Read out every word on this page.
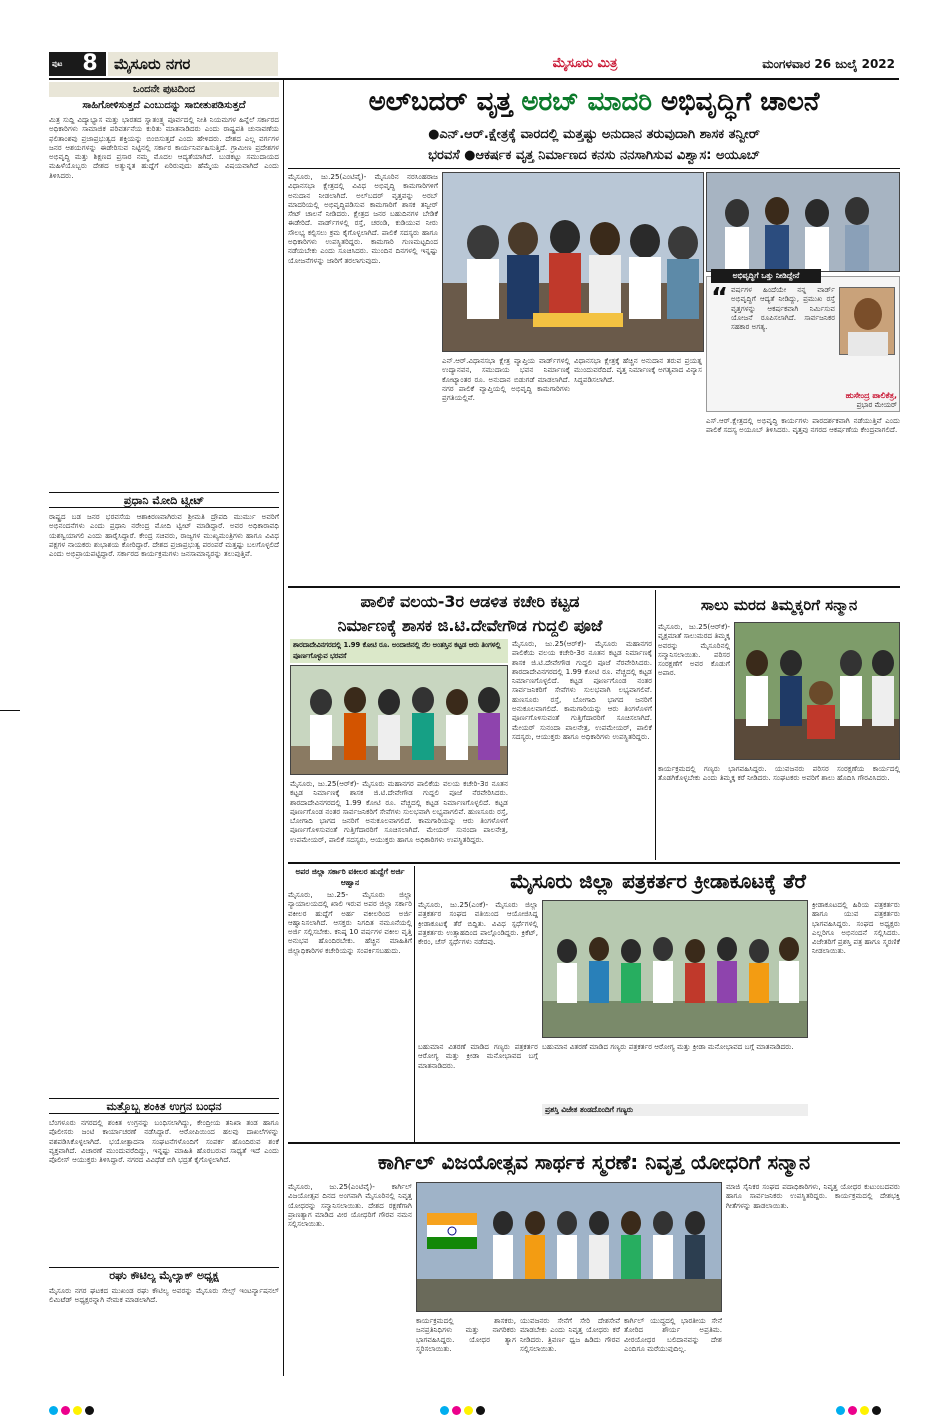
ಪುಟ 8	ಮೈಸೂರು ನಗರ	ಮೈಸೂರು ಮಿತ್ರ	ಮಂಗಳವಾರ 26 ಜುಲೈ 2022
ಒಂದನೇ ಪುಟದಿಂದ
ಸಾಹಿಗೋಳಿಸುತ್ತದೆ ಎಂಬುದನ್ನು ಸಾಬೀತುಪಡಿಸುತ್ತದೆ
ಮಿತ್ರ ಸುದ್ದಿ ವಿದ್ಯಾಭ್ಯಾಸ ಮತ್ತು ಭಾರತದ ಸ್ವಾತಂತ್ರ್ಯ ಪೂರ್ವದಲ್ಲಿ ನೀತಿ ನಿಯಮಗಳ ಹಿನ್ನೆಲೆ ಸರ್ಕಾರದ ಅಧಿಕಾರಿಗಳು ಸಾಮಾಜಿಕ ಪರಿವರ್ತನೆಯ ಕುರಿತು ಮಾತನಾಡಿದರು ಎಂದು ರಾಷ್ಟ್ರಪತಿ ಚುನಾವಣೆಯ ಫಲಿತಾಂಶವು ಪ್ರಜಾಪ್ರಭುತ್ವದ ಶಕ್ತಿಯನ್ನು ಬಿಂಬಿಸುತ್ತದೆ ಎಂದು ಹೇಳಿದರು. ದೇಶದ ಎಲ್ಲ ವರ್ಗಗಳ ಜನರ ಆಶಯಗಳನ್ನು ಈಡೇರಿಸುವ ನಿಟ್ಟಿನಲ್ಲಿ ಸರ್ಕಾರ ಕಾರ್ಯನಿರ್ವಹಿಸುತ್ತಿದೆ. ಗ್ರಾಮೀಣ ಪ್ರದೇಶಗಳ ಅಭಿವೃದ್ಧಿ ಮತ್ತು ಶಿಕ್ಷಣದ ಪ್ರಸಾರ ನಮ್ಮ ಮೊದಲ ಆದ್ಯತೆಯಾಗಿದೆ. ಬುಡಕಟ್ಟು ಸಮುದಾಯದ ಮಹಿಳೆಯೊಬ್ಬರು ದೇಶದ ಅತ್ಯುನ್ನತ ಹುದ್ದೆಗೆ ಏರಿರುವುದು ಹೆಮ್ಮೆಯ ವಿಷಯವಾಗಿದೆ ಎಂದು ತಿಳಿಸಿದರು.
ಪ್ರಧಾನಿ ಮೋದಿ ಟ್ವೀಟ್
ರಾಷ್ಟ್ರದ ಬಡ ಜನರ ಭರವಸೆಯ ಆಶಾಕಿರಣವಾಗಿರುವ ಶ್ರೀಮತಿ ದ್ರೌಪದಿ ಮುರ್ಮು ಅವರಿಗೆ ಅಭಿನಂದನೆಗಳು ಎಂದು ಪ್ರಧಾನಿ ನರೇಂದ್ರ ಮೋದಿ ಟ್ವೀಟ್ ಮಾಡಿದ್ದಾರೆ. ಅವರ ಅಧಿಕಾರಾವಧಿ ಯಶಸ್ವಿಯಾಗಲಿ ಎಂದು ಹಾರೈಸಿದ್ದಾರೆ. ಕೇಂದ್ರ ಸಚಿವರು, ರಾಜ್ಯಗಳ ಮುಖ್ಯಮಂತ್ರಿಗಳು ಹಾಗೂ ವಿವಿಧ ಪಕ್ಷಗಳ ನಾಯಕರು ಶುಭಾಶಯ ಕೋರಿದ್ದಾರೆ. ದೇಶದ ಪ್ರಜಾಪ್ರಭುತ್ವ ಪರಂಪರೆ ಮತ್ತಷ್ಟು ಬಲಗೊಳ್ಳಲಿದೆ ಎಂದು ಅಭಿಪ್ರಾಯಪಟ್ಟಿದ್ದಾರೆ. ಸರ್ಕಾರದ ಕಾರ್ಯಕ್ರಮಗಳು ಜನಸಾಮಾನ್ಯರನ್ನು ತಲುಪುತ್ತಿವೆ.
ಮತ್ತೊಬ್ಬ ಶಂಕಿತ ಉಗ್ರನ ಬಂಧನ
ಬೆಂಗಳೂರು ನಗರದಲ್ಲಿ ಶಂಕಿತ ಉಗ್ರನನ್ನು ಬಂಧಿಸಲಾಗಿದ್ದು, ಕೇಂದ್ರೀಯ ತನಿಖಾ ತಂಡ ಹಾಗೂ ಪೊಲೀಸರು ಜಂಟಿ ಕಾರ್ಯಾಚರಣೆ ನಡೆಸಿದ್ದಾರೆ. ಆರೋಪಿಯಿಂದ ಹಲವು ದಾಖಲೆಗಳನ್ನು ವಶಪಡಿಸಿಕೊಳ್ಳಲಾಗಿದೆ. ಭಯೋತ್ಪಾದನಾ ಸಂಘಟನೆಗಳೊಂದಿಗೆ ಸಂಪರ್ಕ ಹೊಂದಿರುವ ಶಂಕೆ ವ್ಯಕ್ತವಾಗಿದೆ. ವಿಚಾರಣೆ ಮುಂದುವರೆದಿದ್ದು, ಇನ್ನಷ್ಟು ಮಾಹಿತಿ ಹೊರಬರುವ ಸಾಧ್ಯತೆ ಇದೆ ಎಂದು ಪೊಲೀಸ್ ಆಯುಕ್ತರು ತಿಳಿಸಿದ್ದಾರೆ. ನಗರದ ವಿವಿಧೆಡೆ ಬಿಗಿ ಭದ್ರತೆ ಕೈಗೊಳ್ಳಲಾಗಿದೆ.
ರಘು ಕೌಟಿಲ್ಯ ಮೈಲ್ಯಾಕ್ ಅಧ್ಯಕ್ಷ
ಮೈಸೂರು ನಗರ ಘಟಕದ ಮುಖಂಡ ರಘು ಕೌಟಿಲ್ಯ ಅವರನ್ನು ಮೈಸೂರು ಸೇಲ್ಸ್ ಇಂಟರ್ನ್ಯಾಷನಲ್ ಲಿಮಿಟೆಡ್ ಅಧ್ಯಕ್ಷರನ್ನಾಗಿ ನೇಮಕ ಮಾಡಲಾಗಿದೆ.
ಅಲ್‌ಬದರ್ ವೃತ್ತ ಅರಬ್ ಮಾದರಿ ಅಭಿವೃದ್ಧಿಗೆ ಚಾಲನೆ
●ಎನ್.ಆರ್.ಕ್ಷೇತ್ರಕ್ಕೆ ವಾರದಲ್ಲಿ ಮತ್ತಷ್ಟು ಅನುದಾನ ತರುವುದಾಗಿ ಶಾಸಕ ತನ್ವೀರ್
ಭರವಸೆ ●ಆಕರ್ಷಕ ವೃತ್ತ ನಿರ್ಮಾಣದ ಕನಸು ನನಸಾಗಿಸುವ ವಿಶ್ವಾಸ: ಅಯೂಬ್
ಮೈಸೂರು, ಜು.25(ಎಂಟಿವೈ)- ಮೈಸೂರಿನ ನರಸಿಂಹರಾಜ ವಿಧಾನಸಭಾ ಕ್ಷೇತ್ರದಲ್ಲಿ ವಿವಿಧ ಅಭಿವೃದ್ಧಿ ಕಾಮಗಾರಿಗಳಿಗೆ ಅನುದಾನ ನೀಡಲಾಗಿದೆ. ಅಲ್‌ಬದರ್ ವೃತ್ತವನ್ನು ಅರಬ್ ಮಾದರಿಯಲ್ಲಿ ಅಭಿವೃದ್ಧಿಪಡಿಸುವ ಕಾಮಗಾರಿಗೆ ಶಾಸಕ ತನ್ವೀರ್ ಸೇಟ್ ಚಾಲನೆ ನೀಡಿದರು. ಕ್ಷೇತ್ರದ ಜನರ ಬಹುದಿನಗಳ ಬೇಡಿಕೆ ಈಡೇರಿದೆ. ವಾರ್ಡ್‌ಗಳಲ್ಲಿ ರಸ್ತೆ, ಚರಂಡಿ, ಕುಡಿಯುವ ನೀರು ಸೌಲಭ್ಯ ಕಲ್ಪಿಸಲು ಕ್ರಮ ಕೈಗೊಳ್ಳಲಾಗಿದೆ. ಪಾಲಿಕೆ ಸದಸ್ಯರು ಹಾಗೂ ಅಧಿಕಾರಿಗಳು ಉಪಸ್ಥಿತರಿದ್ದರು. ಕಾಮಗಾರಿ ಗುಣಮಟ್ಟದಿಂದ ನಡೆಯಬೇಕು ಎಂದು ಸೂಚಿಸಿದರು. ಮುಂದಿನ ದಿನಗಳಲ್ಲಿ ಇನ್ನಷ್ಟು ಯೋಜನೆಗಳನ್ನು ಜಾರಿಗೆ ತರಲಾಗುವುದು.
ಎನ್.ಆರ್.ವಿಧಾನಸಭಾ ಕ್ಷೇತ್ರ ವ್ಯಾಪ್ತಿಯ ವಾರ್ಡ್‌ಗಳಲ್ಲಿ ಉದ್ಯಾನವನ, ಸಮುದಾಯ ಭವನ ನಿರ್ಮಾಣಕ್ಕೆ ಕೋಟ್ಯಾಂತರ ರೂ. ಅನುದಾನ ಬಿಡುಗಡೆ ಮಾಡಲಾಗಿದೆ. ನಗರ ಪಾಲಿಕೆ ವ್ಯಾಪ್ತಿಯಲ್ಲಿ ಅಭಿವೃದ್ಧಿ ಕಾಮಗಾರಿಗಳು ಪ್ರಗತಿಯಲ್ಲಿವೆ.
ವಿಧಾನಸಭಾ ಕ್ಷೇತ್ರಕ್ಕೆ ಹೆಚ್ಚಿನ ಅನುದಾನ ತರುವ ಪ್ರಯತ್ನ ಮುಂದುವರೆದಿದೆ. ವೃತ್ತ ನಿರ್ಮಾಣಕ್ಕೆ ಅಗತ್ಯವಾದ ವಿನ್ಯಾಸ ಸಿದ್ಧಪಡಿಸಲಾಗಿದೆ.
ಅಭಿವೃದ್ಧಿಗೆ ಒತ್ತು ನೀಡಿದ್ದೇನೆ
“ ವರ್ಷಗಳ ಹಿಂದೆಯೇ ನನ್ನ ವಾರ್ಡ್ ಅಭಿವೃದ್ಧಿಗೆ ಆದ್ಯತೆ ನೀಡಿದ್ದು, ಪ್ರಮುಖ ರಸ್ತೆ ವೃತ್ತಗಳನ್ನು ಆಕರ್ಷಕವಾಗಿ ನಿರ್ಮಿಸುವ ಯೋಜನೆ ರೂಪಿಸಲಾಗಿದೆ. ಸಾರ್ವಜನಿಕರ ಸಹಕಾರ ಅಗತ್ಯ.
ಹುಸೇಂದ್ರ ಪಾಲಿಕೆತ್ರ,
ಪ್ರಭಾರ ಮೇಯರ್
ಎಸ್.ಆರ್.ಕ್ಷೇತ್ರದಲ್ಲಿ ಅಭಿವೃದ್ಧಿ ಕಾರ್ಯಗಳು ಪಾರದರ್ಶಕವಾಗಿ ನಡೆಯುತ್ತಿವೆ ಎಂದು ಪಾಲಿಕೆ ಸದಸ್ಯ ಅಯೂಬ್ ತಿಳಿಸಿದರು. ವೃತ್ತವು ನಗರದ ಆಕರ್ಷಣೆಯ ಕೇಂದ್ರವಾಗಲಿದೆ.
ಪಾಲಿಕೆ ವಲಯ-3ರ ಆಡಳಿತ ಕಚೇರಿ ಕಟ್ಟಡ
ನಿರ್ಮಾಣಕ್ಕೆ ಶಾಸಕ ಜಿ.ಟಿ.ದೇವೇಗೌಡ ಗುದ್ದಲಿ ಪೂಜೆ
ಶಾರದಾದೇವಿನಗರದಲ್ಲಿ 1.99 ಕೋಟಿ ರೂ. ಅಂದಾಜಿನಲ್ಲಿ ನೆಲ ಅಂತಸ್ತಿನ ಕಟ್ಟಡ ಆರು ತಿಂಗಳಲ್ಲಿ ಪೂರ್ಣಗೊಳ್ಳುವ ಭರವಸೆ
ಮೈಸೂರು, ಜು.25(ಆರ್‌ಕೆ)- ಮೈಸೂರು ಮಹಾನಗರ ಪಾಲಿಕೆಯ ವಲಯ ಕಚೇರಿ-3ರ ನೂತನ ಕಟ್ಟಡ ನಿರ್ಮಾಣಕ್ಕೆ ಶಾಸಕ ಜಿ.ಟಿ.ದೇವೇಗೌಡ ಗುದ್ದಲಿ ಪೂಜೆ ನೆರವೇರಿಸಿದರು. ಶಾರದಾದೇವಿನಗರದಲ್ಲಿ 1.99 ಕೋಟಿ ರೂ. ವೆಚ್ಚದಲ್ಲಿ ಕಟ್ಟಡ ನಿರ್ಮಾಣಗೊಳ್ಳಲಿದೆ. ಕಟ್ಟಡ ಪೂರ್ಣಗೊಂಡ ನಂತರ ಸಾರ್ವಜನಿಕರಿಗೆ ಸೇವೆಗಳು ಸುಲಭವಾಗಿ ಲಭ್ಯವಾಗಲಿವೆ. ಹುಣಸೂರು ರಸ್ತೆ, ಬೋಗಾದಿ ಭಾಗದ ಜನರಿಗೆ ಅನುಕೂಲವಾಗಲಿದೆ. ಕಾಮಗಾರಿಯನ್ನು ಆರು ತಿಂಗಳೊಳಗೆ ಪೂರ್ಣಗೊಳಿಸುವಂತೆ ಗುತ್ತಿಗೆದಾರರಿಗೆ ಸೂಚಿಸಲಾಗಿದೆ. ಮೇಯರ್ ಸುನಂದಾ ಪಾಲನೇತ್ರ, ಉಪಮೇಯರ್, ಪಾಲಿಕೆ ಸದಸ್ಯರು, ಆಯುಕ್ತರು ಹಾಗೂ ಅಧಿಕಾರಿಗಳು ಉಪಸ್ಥಿತರಿದ್ದರು.
ಮೈಸೂರು, ಜು.25(ಆರ್‌ಕೆ)- ಮೈಸೂರು ಮಹಾನಗರ ಪಾಲಿಕೆಯ ವಲಯ ಕಚೇರಿ-3ರ ನೂತನ ಕಟ್ಟಡ ನಿರ್ಮಾಣಕ್ಕೆ ಶಾಸಕ ಜಿ.ಟಿ.ದೇವೇಗೌಡ ಗುದ್ದಲಿ ಪೂಜೆ ನೆರವೇರಿಸಿದರು. ಶಾರದಾದೇವಿನಗರದಲ್ಲಿ 1.99 ಕೋಟಿ ರೂ. ವೆಚ್ಚದಲ್ಲಿ ಕಟ್ಟಡ ನಿರ್ಮಾಣಗೊಳ್ಳಲಿದೆ. ಕಟ್ಟಡ ಪೂರ್ಣಗೊಂಡ ನಂತರ ಸಾರ್ವಜನಿಕರಿಗೆ ಸೇವೆಗಳು ಸುಲಭವಾಗಿ ಲಭ್ಯವಾಗಲಿವೆ. ಹುಣಸೂರು ರಸ್ತೆ, ಬೋಗಾದಿ ಭಾಗದ ಜನರಿಗೆ ಅನುಕೂಲವಾಗಲಿದೆ. ಕಾಮಗಾರಿಯನ್ನು ಆರು ತಿಂಗಳೊಳಗೆ ಪೂರ್ಣಗೊಳಿಸುವಂತೆ ಗುತ್ತಿಗೆದಾರರಿಗೆ ಸೂಚಿಸಲಾಗಿದೆ. ಮೇಯರ್ ಸುನಂದಾ ಪಾಲನೇತ್ರ, ಉಪಮೇಯರ್, ಪಾಲಿಕೆ ಸದಸ್ಯರು, ಆಯುಕ್ತರು ಹಾಗೂ ಅಧಿಕಾರಿಗಳು ಉಪಸ್ಥಿತರಿದ್ದರು.
ಸಾಲು ಮರದ ತಿಮ್ಮಕ್ಕರಿಗೆ ಸನ್ಮಾನ
ಮೈಸೂರು, ಜು.25(ಆರ್‌ಕೆ)- ವೃಕ್ಷಮಾತೆ ಸಾಲುಮರದ ತಿಮ್ಮಕ್ಕ ಅವರನ್ನು ಮೈಸೂರಿನಲ್ಲಿ ಸನ್ಮಾನಿಸಲಾಯಿತು. ಪರಿಸರ ಸಂರಕ್ಷಣೆಗೆ ಅವರ ಕೊಡುಗೆ ಅಪಾರ.
ಕಾರ್ಯಕ್ರಮದಲ್ಲಿ ಗಣ್ಯರು ಭಾಗವಹಿಸಿದ್ದರು. ಯುವಜನರು ಪರಿಸರ ಸಂರಕ್ಷಣೆಯ ಕಾರ್ಯದಲ್ಲಿ ತೊಡಗಿಕೊಳ್ಳಬೇಕು ಎಂದು ತಿಮ್ಮಕ್ಕ ಕರೆ ನೀಡಿದರು. ಸಂಘಟಕರು ಅವರಿಗೆ ಶಾಲು ಹೊದಿಸಿ ಗೌರವಿಸಿದರು.
ಅಪರ ಜಿಲ್ಲಾ ಸರ್ಕಾರಿ ವಕೀಲರ ಹುದ್ದೆಗೆ ಅರ್ಜಿ ಆಹ್ವಾನ
ಮೈಸೂರು, ಜು.25- ಮೈಸೂರು ಜಿಲ್ಲಾ ನ್ಯಾಯಾಲಯದಲ್ಲಿ ಖಾಲಿ ಇರುವ ಅಪರ ಜಿಲ್ಲಾ ಸರ್ಕಾರಿ ವಕೀಲರ ಹುದ್ದೆಗೆ ಅರ್ಹ ವಕೀಲರಿಂದ ಅರ್ಜಿ ಆಹ್ವಾನಿಸಲಾಗಿದೆ. ಆಸಕ್ತರು ನಿಗದಿತ ನಮೂನೆಯಲ್ಲಿ ಅರ್ಜಿ ಸಲ್ಲಿಸಬೇಕು. ಕನಿಷ್ಠ 10 ವರ್ಷಗಳ ವಕೀಲ ವೃತ್ತಿ ಅನುಭವ ಹೊಂದಿರಬೇಕು. ಹೆಚ್ಚಿನ ಮಾಹಿತಿಗೆ ಜಿಲ್ಲಾಧಿಕಾರಿಗಳ ಕಚೇರಿಯನ್ನು ಸಂಪರ್ಕಿಸಬಹುದು.
ಮೈಸೂರು ಜಿಲ್ಲಾ ಪತ್ರಕರ್ತರ ಕ್ರೀಡಾಕೂಟಕ್ಕೆ ತೆರೆ
ಮೈಸೂರು, ಜು.25(ಎಂಕೆ)- ಮೈಸೂರು ಜಿಲ್ಲಾ ಪತ್ರಕರ್ತರ ಸಂಘದ ವತಿಯಿಂದ ಆಯೋಜಿಸಿದ್ದ ಕ್ರೀಡಾಕೂಟಕ್ಕೆ ತೆರೆ ಬಿದ್ದಿತು. ವಿವಿಧ ಸ್ಪರ್ಧೆಗಳಲ್ಲಿ ಪತ್ರಕರ್ತರು ಉತ್ಸಾಹದಿಂದ ಪಾಲ್ಗೊಂಡಿದ್ದರು. ಕ್ರಿಕೆಟ್, ಕೇರಂ, ಚೆಸ್ ಸ್ಪರ್ಧೆಗಳು ನಡೆದವು.
ಕ್ರೀಡಾಕೂಟದಲ್ಲಿ ಹಿರಿಯ ಪತ್ರಕರ್ತರು ಹಾಗೂ ಯುವ ಪತ್ರಕರ್ತರು ಭಾಗವಹಿಸಿದ್ದರು. ಸಂಘದ ಅಧ್ಯಕ್ಷರು ಎಲ್ಲರಿಗೂ ಅಭಿನಂದನೆ ಸಲ್ಲಿಸಿದರು. ವಿಜೇತರಿಗೆ ಪ್ರಶಸ್ತಿ ಪತ್ರ ಹಾಗೂ ಸ್ಮರಣಿಕೆ ನೀಡಲಾಯಿತು.
ಬಹುಮಾನ ವಿತರಣೆ ಮಾಡಿದ ಗಣ್ಯರು ಪತ್ರಕರ್ತರ ಆರೋಗ್ಯ ಮತ್ತು ಕ್ರೀಡಾ ಮನೋಭಾವದ ಬಗ್ಗೆ ಮಾತನಾಡಿದರು.
ಬಹುಮಾನ ವಿತರಣೆ ಮಾಡಿದ ಗಣ್ಯರು ಪತ್ರಕರ್ತರ ಆರೋಗ್ಯ ಮತ್ತು ಕ್ರೀಡಾ ಮನೋಭಾವದ ಬಗ್ಗೆ ಮಾತನಾಡಿದರು.
ಪ್ರಶಸ್ತಿ ವಿಜೇತ ತಂಡದೊಂದಿಗೆ ಗಣ್ಯರು
ಕಾರ್ಗಿಲ್ ವಿಜಯೋತ್ಸವ ಸಾರ್ಥಕ ಸ್ಮರಣೆ: ನಿವೃತ್ತ ಯೋಧರಿಗೆ ಸನ್ಮಾನ
ಮೈಸೂರು, ಜು.25(ಎಂಟಿವೈ)- ಕಾರ್ಗಿಲ್ ವಿಜಯೋತ್ಸವ ದಿನದ ಅಂಗವಾಗಿ ಮೈಸೂರಿನಲ್ಲಿ ನಿವೃತ್ತ ಯೋಧರನ್ನು ಸನ್ಮಾನಿಸಲಾಯಿತು. ದೇಶದ ರಕ್ಷಣೆಗಾಗಿ ಪ್ರಾಣತ್ಯಾಗ ಮಾಡಿದ ವೀರ ಯೋಧರಿಗೆ ಗೌರವ ನಮನ ಸಲ್ಲಿಸಲಾಯಿತು.
ಮಾಜಿ ಸೈನಿಕರ ಸಂಘದ ಪದಾಧಿಕಾರಿಗಳು, ನಿವೃತ್ತ ಯೋಧರ ಕುಟುಂಬದವರು ಹಾಗೂ ಸಾರ್ವಜನಿಕರು ಉಪಸ್ಥಿತರಿದ್ದರು. ಕಾರ್ಯಕ್ರಮದಲ್ಲಿ ದೇಶಭಕ್ತಿ ಗೀತೆಗಳನ್ನು ಹಾಡಲಾಯಿತು.
ಕಾರ್ಯಕ್ರಮದಲ್ಲಿ ಶಾಸಕರು, ಜನಪ್ರತಿನಿಧಿಗಳು ಮತ್ತು ನಾಗರಿಕರು ಭಾಗವಹಿಸಿದ್ದರು. ಯೋಧರ ತ್ಯಾಗ ಸ್ಮರಿಸಲಾಯಿತು.
ಯುವಜನರು ಸೇನೆಗೆ ಸೇರಿ ದೇಶಸೇವೆ ಮಾಡಬೇಕು ಎಂದು ನಿವೃತ್ತ ಯೋಧರು ಕರೆ ನೀಡಿದರು. ತ್ರಿವರ್ಣ ಧ್ವಜ ಹಿಡಿದು ಗೌರವ ಸಲ್ಲಿಸಲಾಯಿತು.
ಕಾರ್ಗಿಲ್ ಯುದ್ಧದಲ್ಲಿ ಭಾರತೀಯ ಸೇನೆ ತೋರಿದ ಶೌರ್ಯ ಅಪ್ರತಿಮ. ವೀರಯೋಧರ ಬಲಿದಾನವನ್ನು ದೇಶ ಎಂದಿಗೂ ಮರೆಯುವುದಿಲ್ಲ.
